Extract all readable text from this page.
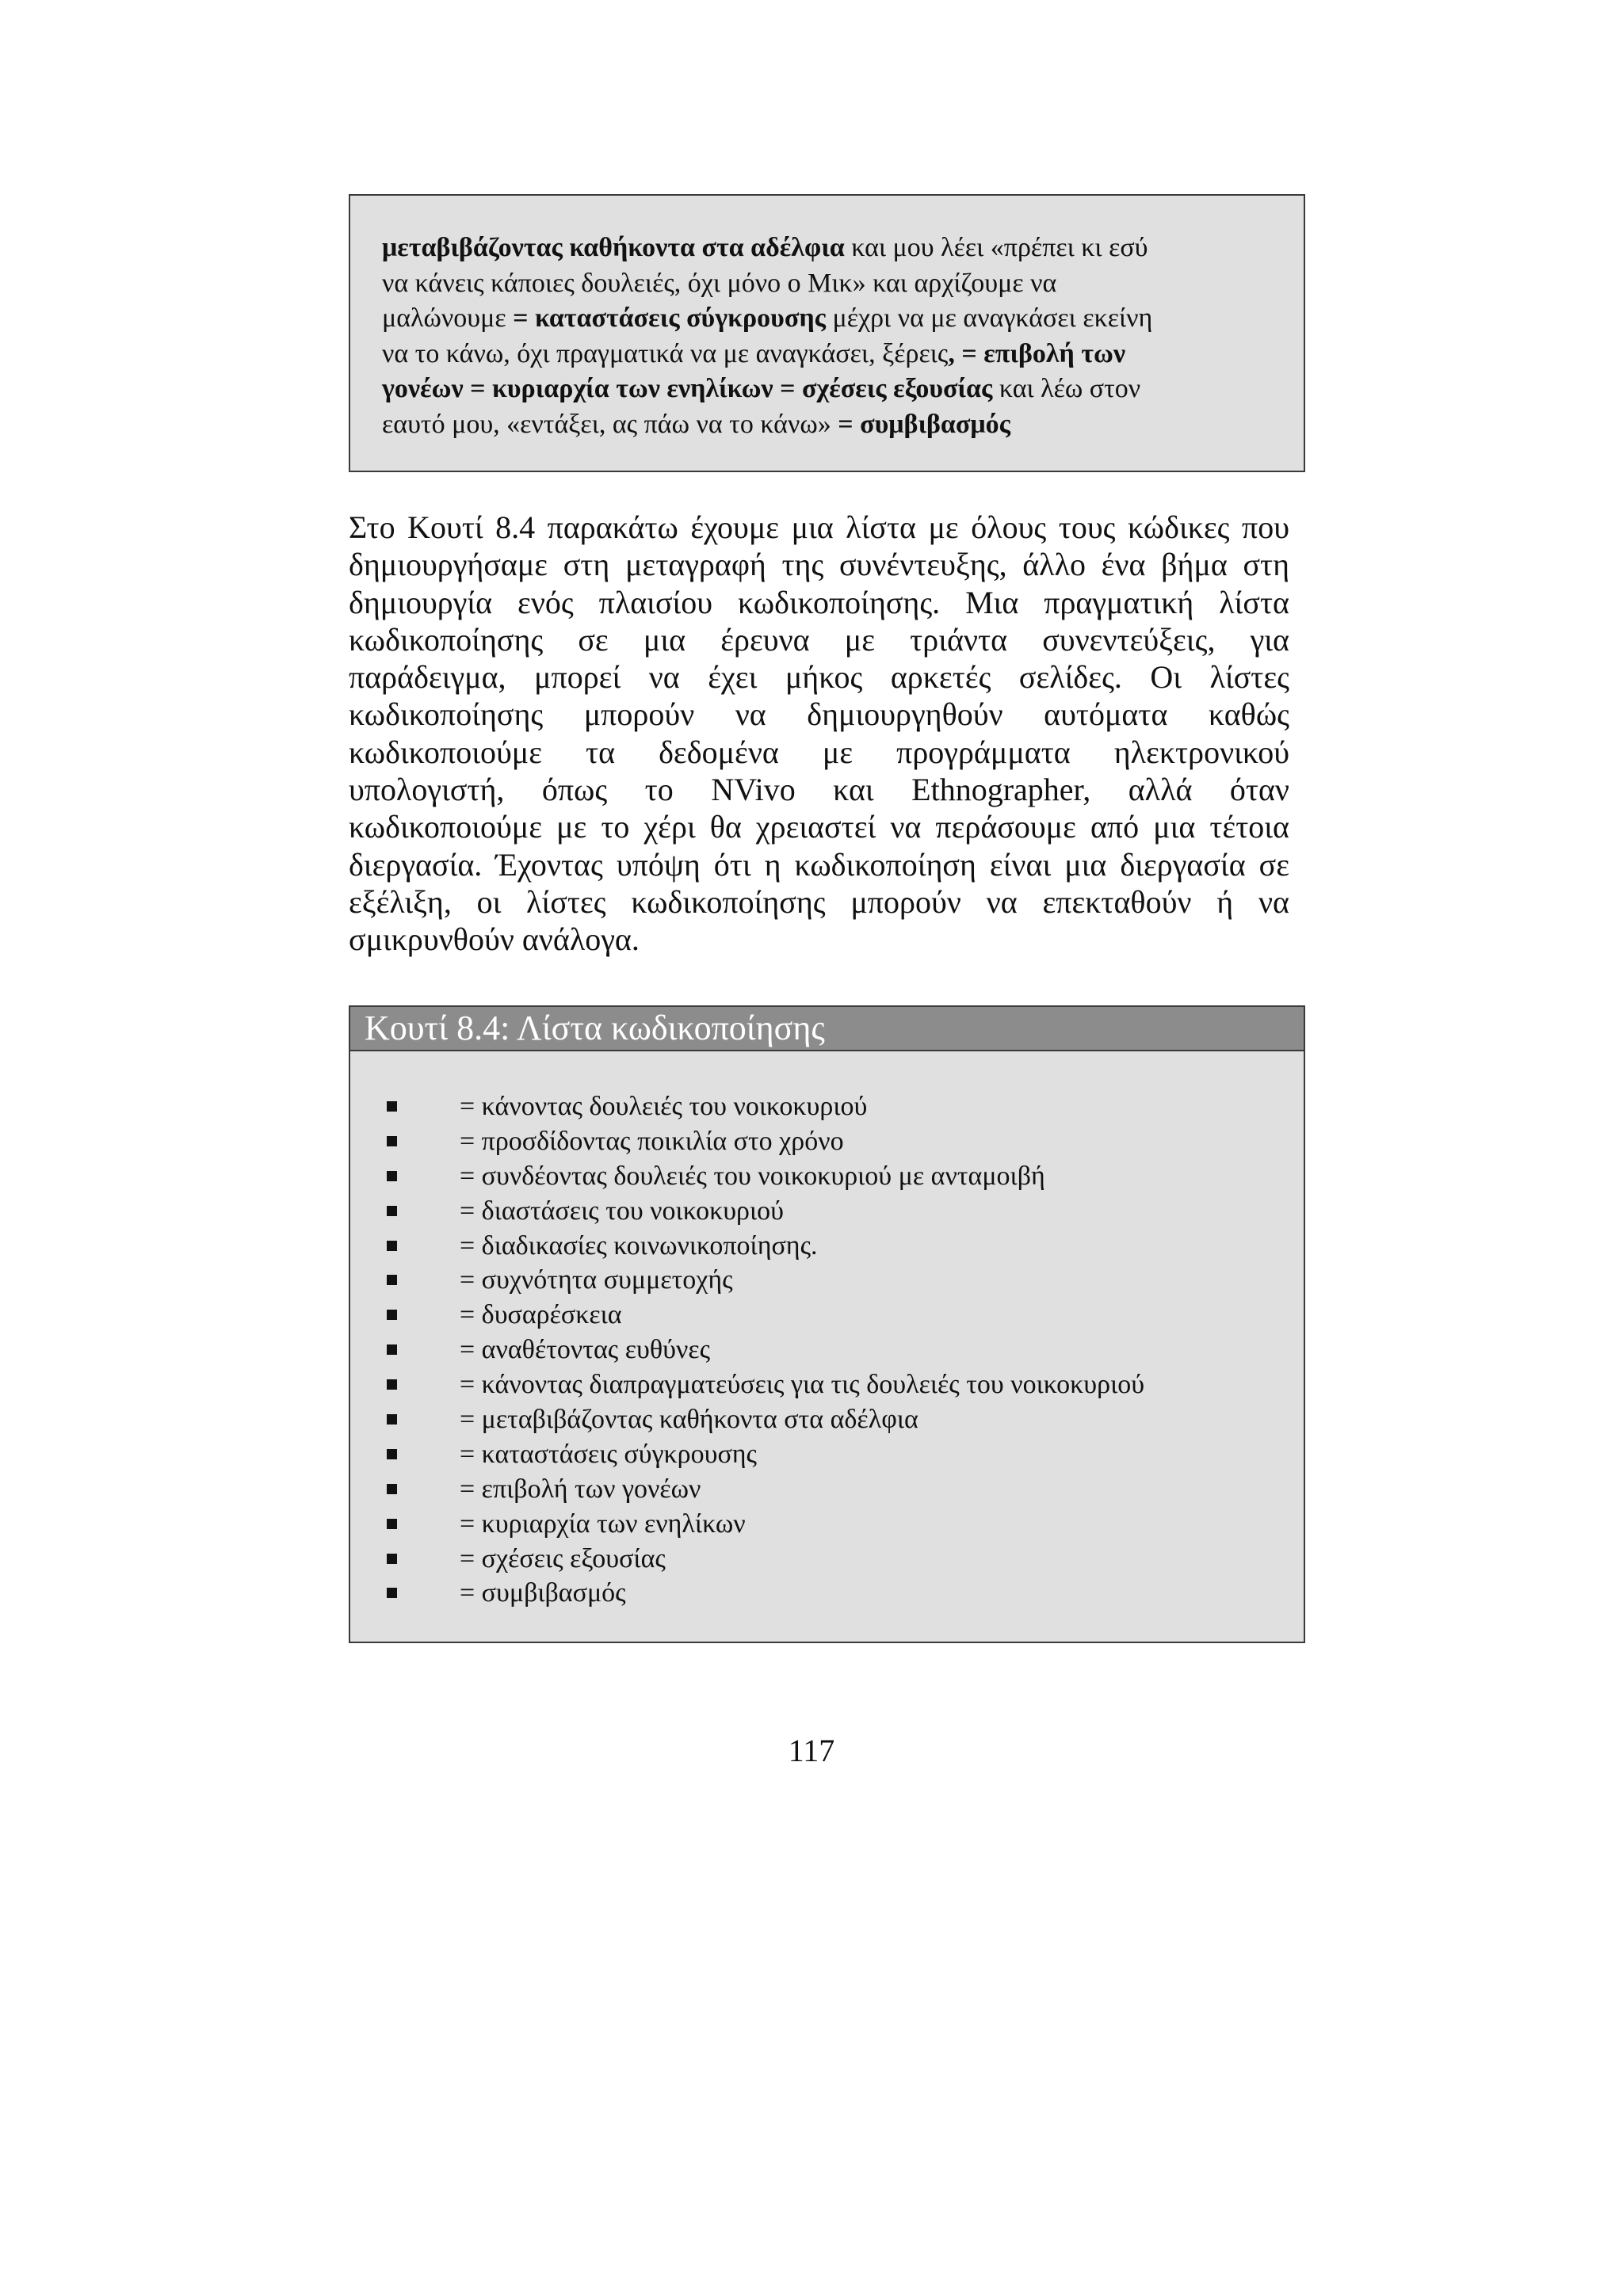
μεταβιβάζοντας καθήκοντα στα αδέλφια και μου λέει «πρέπει κι εσύ
να κάνεις κάποιες δουλειές, όχι μόνο ο Μικ» και αρχίζουμε να
μαλώνουμε = καταστάσεις σύγκρουσης μέχρι να με αναγκάσει εκείνη
να το κάνω, όχι πραγματικά να με αναγκάσει, ξέρεις, = επιβολή των
γονέων = κυριαρχία των ενηλίκων = σχέσεις εξουσίας και λέω στον
εαυτό μου, «εντάξει, ας πάω να το κάνω» = συμβιβασμός
Στο Κουτί 8.4 παρακάτω έχουμε μια λίστα με όλους τους κώδικες που
δημιουργήσαμε στη μεταγραφή της συνέντευξης, άλλο ένα βήμα στη
δημιουργία ενός πλαισίου κωδικοποίησης. Μια πραγματική λίστα
κωδικοποίησης σε μια έρευνα με τριάντα συνεντεύξεις, για
παράδειγμα, μπορεί να έχει μήκος αρκετές σελίδες. Οι λίστες
κωδικοποίησης μπορούν να δημιουργηθούν αυτόματα καθώς
κωδικοποιούμε τα δεδομένα με προγράμματα ηλεκτρονικού
υπολογιστή, όπως το NVivo και Ethnographer, αλλά όταν
κωδικοποιούμε με το χέρι θα χρειαστεί να περάσουμε από μια τέτοια
διεργασία. Έχοντας υπόψη ότι η κωδικοποίηση είναι μια διεργασία σε
εξέλιξη, οι λίστες κωδικοποίησης μπορούν να επεκταθούν ή να
σμικρυνθούν ανάλογα.
Κουτί 8.4: Λίστα κωδικοποίησης
= κάνοντας δουλειές του νοικοκυριού
= προσδίδοντας ποικιλία στο χρόνο
= συνδέοντας δουλειές του νοικοκυριού με ανταμοιβή
= διαστάσεις του νοικοκυριού
= διαδικασίες κοινωνικοποίησης.
= συχνότητα συμμετοχής
= δυσαρέσκεια
= αναθέτοντας ευθύνες
= κάνοντας διαπραγματεύσεις για τις δουλειές του νοικοκυριού
= μεταβιβάζοντας καθήκοντα στα αδέλφια
= καταστάσεις σύγκρουσης
= επιβολή των γονέων
= κυριαρχία των ενηλίκων
= σχέσεις εξουσίας
= συμβιβασμός
117
